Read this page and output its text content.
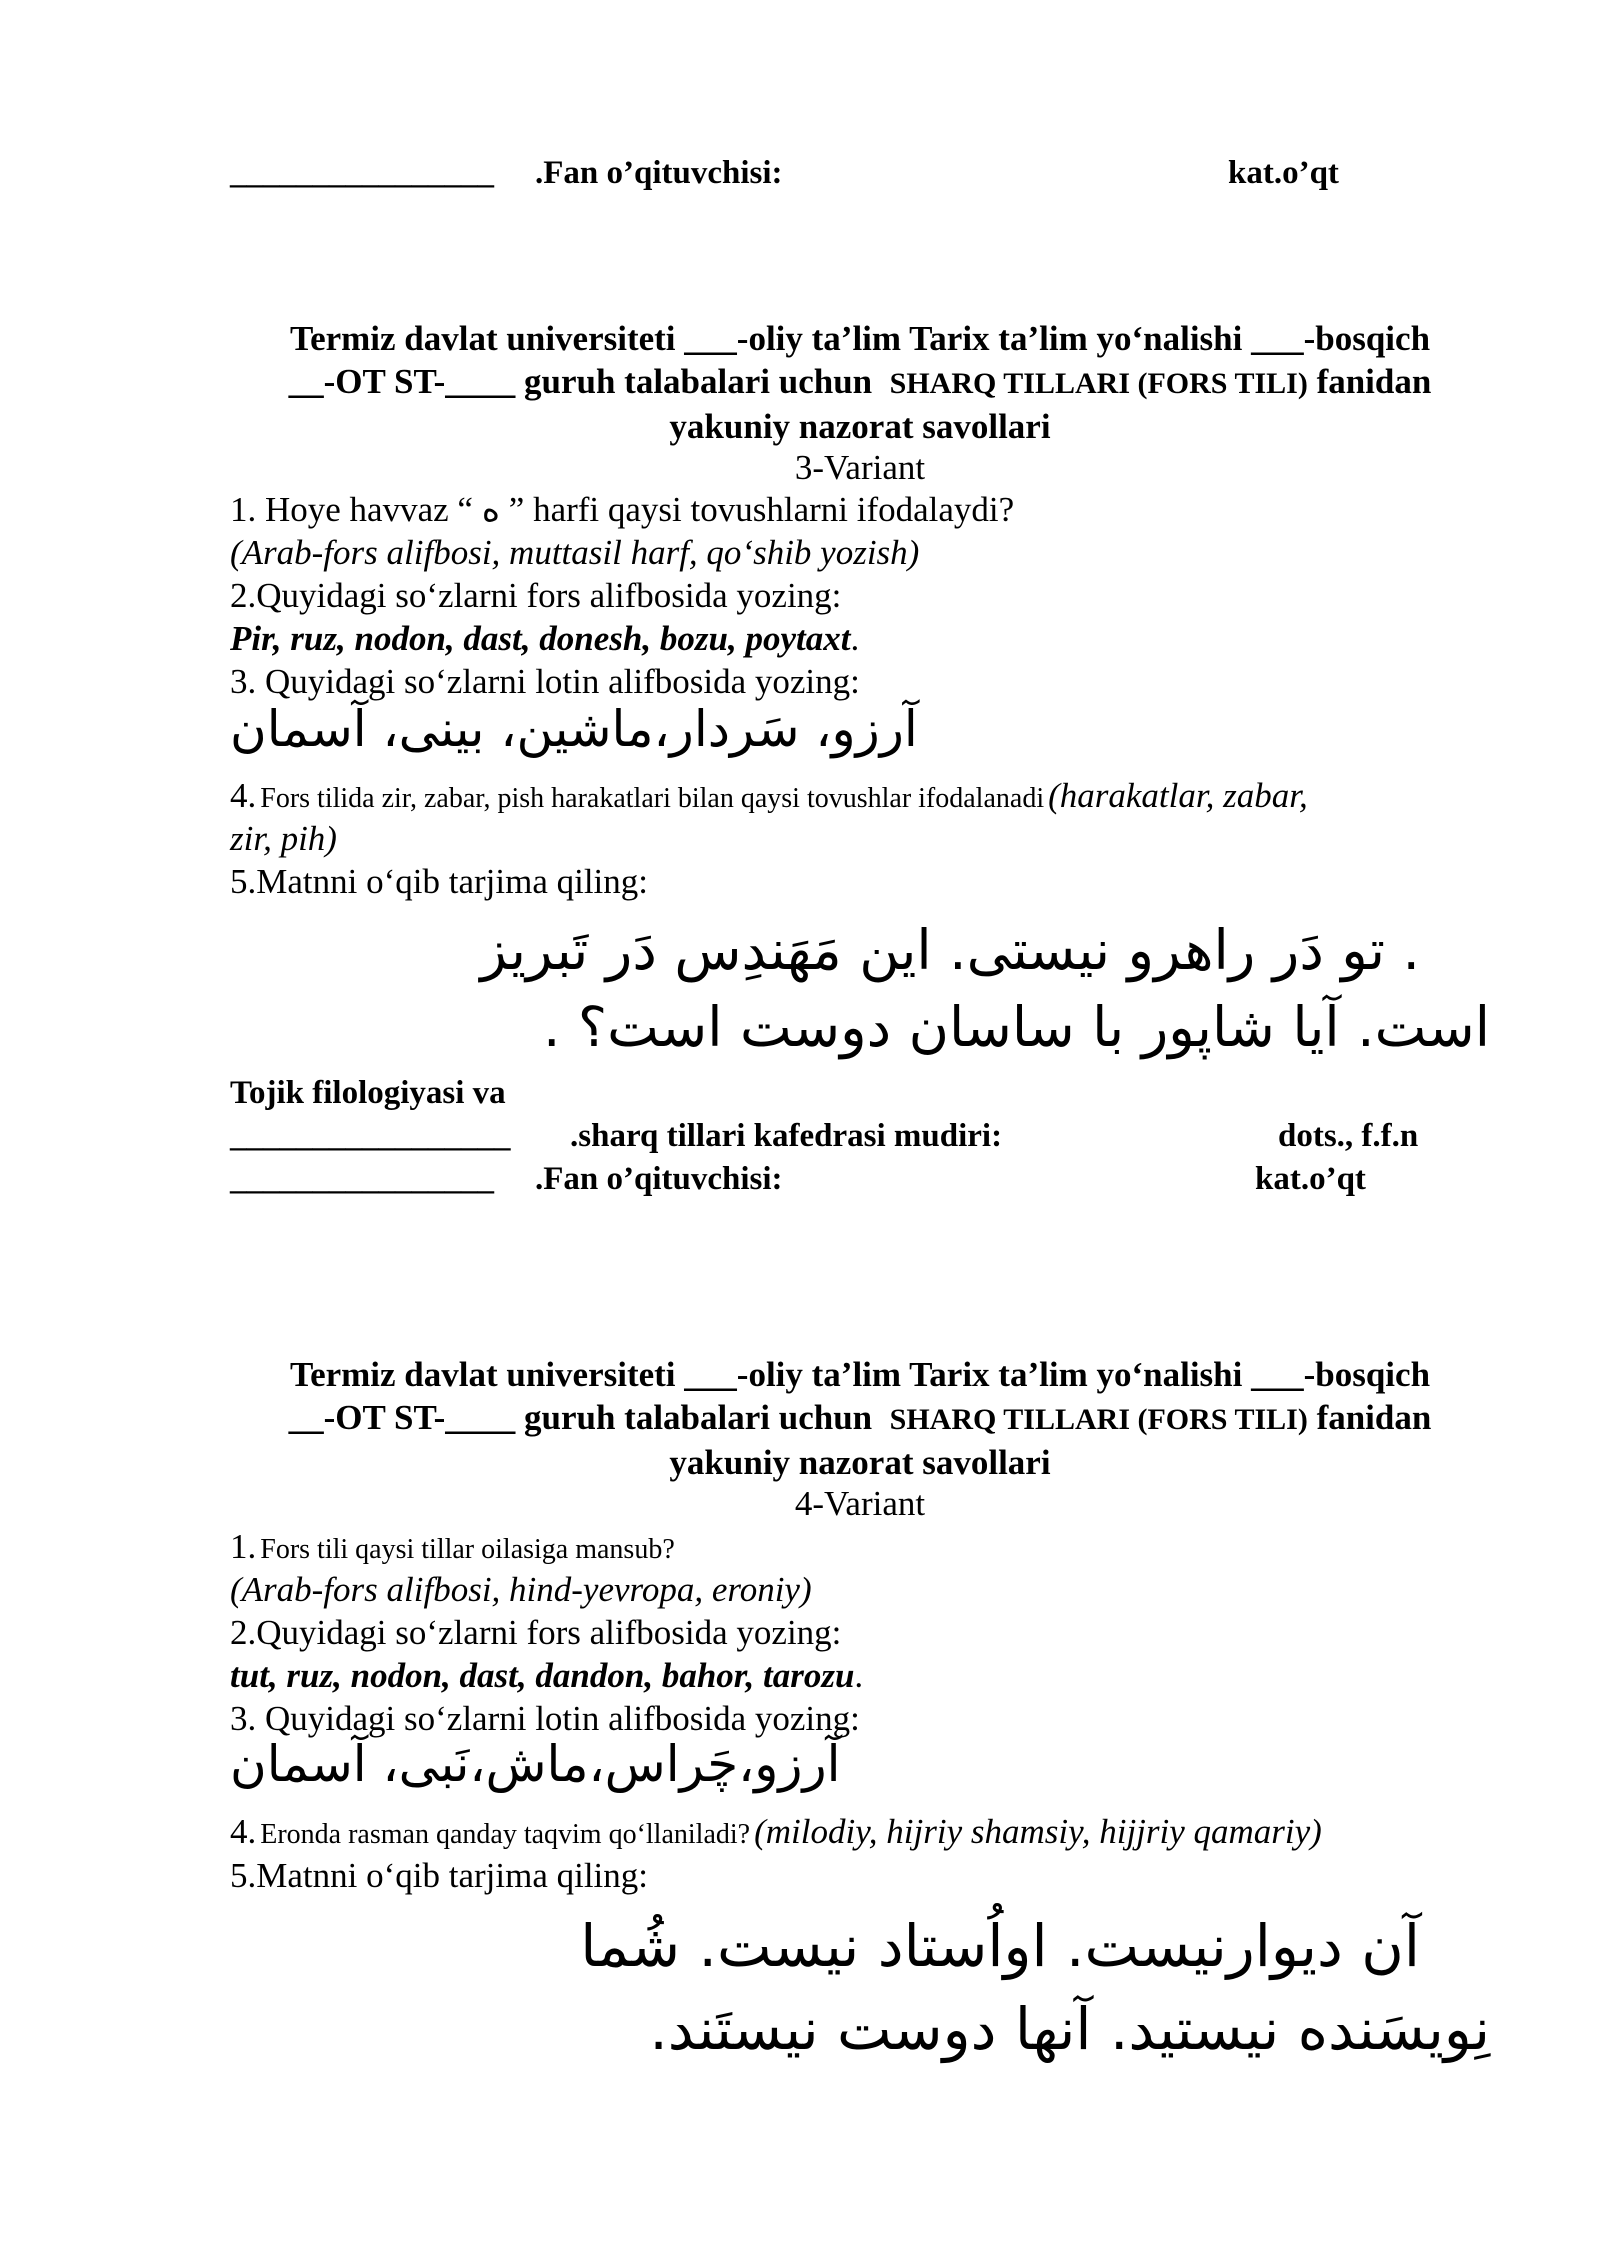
________________ .Fan o’qituvchisi:	kat.o’qt
Termiz davlat universiteti ___-oliy ta’lim Tarix ta’lim yo‘nalishi ___-bosqich
__-OT ST-____ guruh talabalari uchun SHARQ TILLARI (FORS TILI) fanidan
yakuniy nazorat savollari
3-Variant
1. Hoye havvaz “ ه ” harfi qaysi tovushlarni ifodalaydi?
(Arab-fors alifbosi, muttasil harf, qo‘shib yozish)
2.Quyidagi so‘zlarni fors alifbosida yozing:
Pir, ruz, nodon, dast, donesh, bozu, poytaxt.
3. Quyidagi so‘zlarni lotin alifbosida yozing:
آرزو، سَردار،ماشین، بینی، آسمان
4. Fors tilida zir, zabar, pish harakatlari bilan qaysi tovushlar ifodalanadi (harakatlar, zabar,
zir, pih)
5.Matnni o‘qib tarjima qiling:
. تو دَر راهرو نیستی. این مَهَندِس دَر تَبریز
است. آیا شاپور با ساسان دوست است؟ .
Tojik filologiyasi va
_________________ .sharq tillari kafedrasi mudiri:	dots., f.f.n
________________ .Fan o’qituvchisi:	kat.o’qt
Termiz davlat universiteti ___-oliy ta’lim Tarix ta’lim yo‘nalishi ___-bosqich
__-OT ST-____ guruh talabalari uchun SHARQ TILLARI (FORS TILI) fanidan
yakuniy nazorat savollari
4-Variant
1. Fors tili qaysi tillar oilasiga mansub?
(Arab-fors alifbosi, hind-yevropa, eroniy)
2.Quyidagi so‘zlarni fors alifbosida yozing:
tut, ruz, nodon, dast, dandon, bahor, tarozu.
3. Quyidagi so‘zlarni lotin alifbosida yozing:
آرزو،چَراس،ماش،نَبی، آسمان
4. Eronda rasman qanday taqvim qo‘llaniladi? (milodiy, hijriy shamsiy, hijjriy qamariy)
5.Matnni o‘qib tarjima qiling:
آن دیوارنیست. اواُستاد نیست. شُما
نِویسَنده نیستید. آنها دوست نیستَند.
